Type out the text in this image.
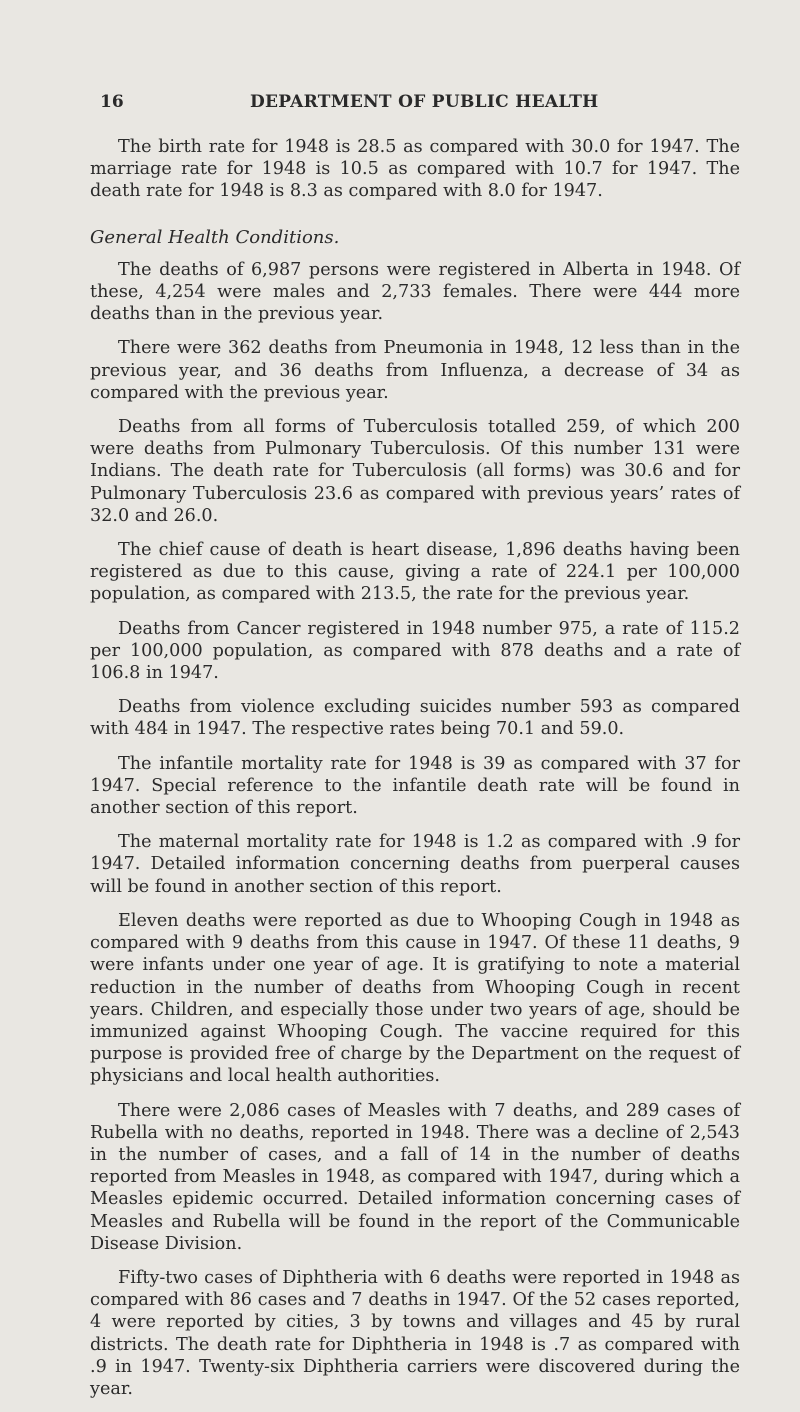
16	DEPARTMENT OF PUBLIC HEALTH

The birth rate for 1948 is 28.5 as compared with 30.0 for 1947. The marriage rate for 1948 is 10.5 as compared with 10.7 for 1947. The death rate for 1948 is 8.3 as compared with 8.0 for 1947.

General Health Conditions.

The deaths of 6,987 persons were registered in Alberta in 1948. Of these, 4,254 were males and 2,733 females. There were 444 more deaths than in the previous year.

There were 362 deaths from Pneumonia in 1948, 12 less than in the previous year, and 36 deaths from Influenza, a decrease of 34 as compared with the previous year.

Deaths from all forms of Tuberculosis totalled 259, of which 200 were deaths from Pulmonary Tuberculosis. Of this number 131 were Indians. The death rate for Tuberculosis (all forms) was 30.6 and for Pulmonary Tuberculosis 23.6 as compared with previous years’ rates of 32.0 and 26.0.

The chief cause of death is heart disease, 1,896 deaths having been registered as due to this cause, giving a rate of 224.1 per 100,000 population, as compared with 213.5, the rate for the previous year.

Deaths from Cancer registered in 1948 number 975, a rate of 115.2 per 100,000 population, as compared with 878 deaths and a rate of 106.8 in 1947.

Deaths from violence excluding suicides number 593 as compared with 484 in 1947. The respective rates being 70.1 and 59.0.

The infantile mortality rate for 1948 is 39 as compared with 37 for 1947. Special reference to the infantile death rate will be found in another section of this report.

The maternal mortality rate for 1948 is 1.2 as compared with .9 for 1947. Detailed information concerning deaths from puerperal causes will be found in another section of this report.

Eleven deaths were reported as due to Whooping Cough in 1948 as compared with 9 deaths from this cause in 1947. Of these 11 deaths, 9 were infants under one year of age. It is gratifying to note a material reduction in the number of deaths from Whooping Cough in recent years. Children, and especially those under two years of age, should be immunized against Whooping Cough. The vaccine required for this purpose is provided free of charge by the Department on the request of physicians and local health authorities.

There were 2,086 cases of Measles with 7 deaths, and 289 cases of Rubella with no deaths, reported in 1948. There was a decline of 2,543 in the number of cases, and a fall of 14 in the number of deaths reported from Measles in 1948, as compared with 1947, during which a Measles epidemic occurred. Detailed information concerning cases of Measles and Rubella will be found in the report of the Communicable Disease Division.

Fifty-two cases of Diphtheria with 6 deaths were reported in 1948 as compared with 86 cases and 7 deaths in 1947. Of the 52 cases reported, 4 were reported by cities, 3 by towns and villages and 45 by rural districts. The death rate for Diphtheria in 1948 is .7 as compared with .9 in 1947. Twenty-six Diphtheria carriers were discovered during the year.
